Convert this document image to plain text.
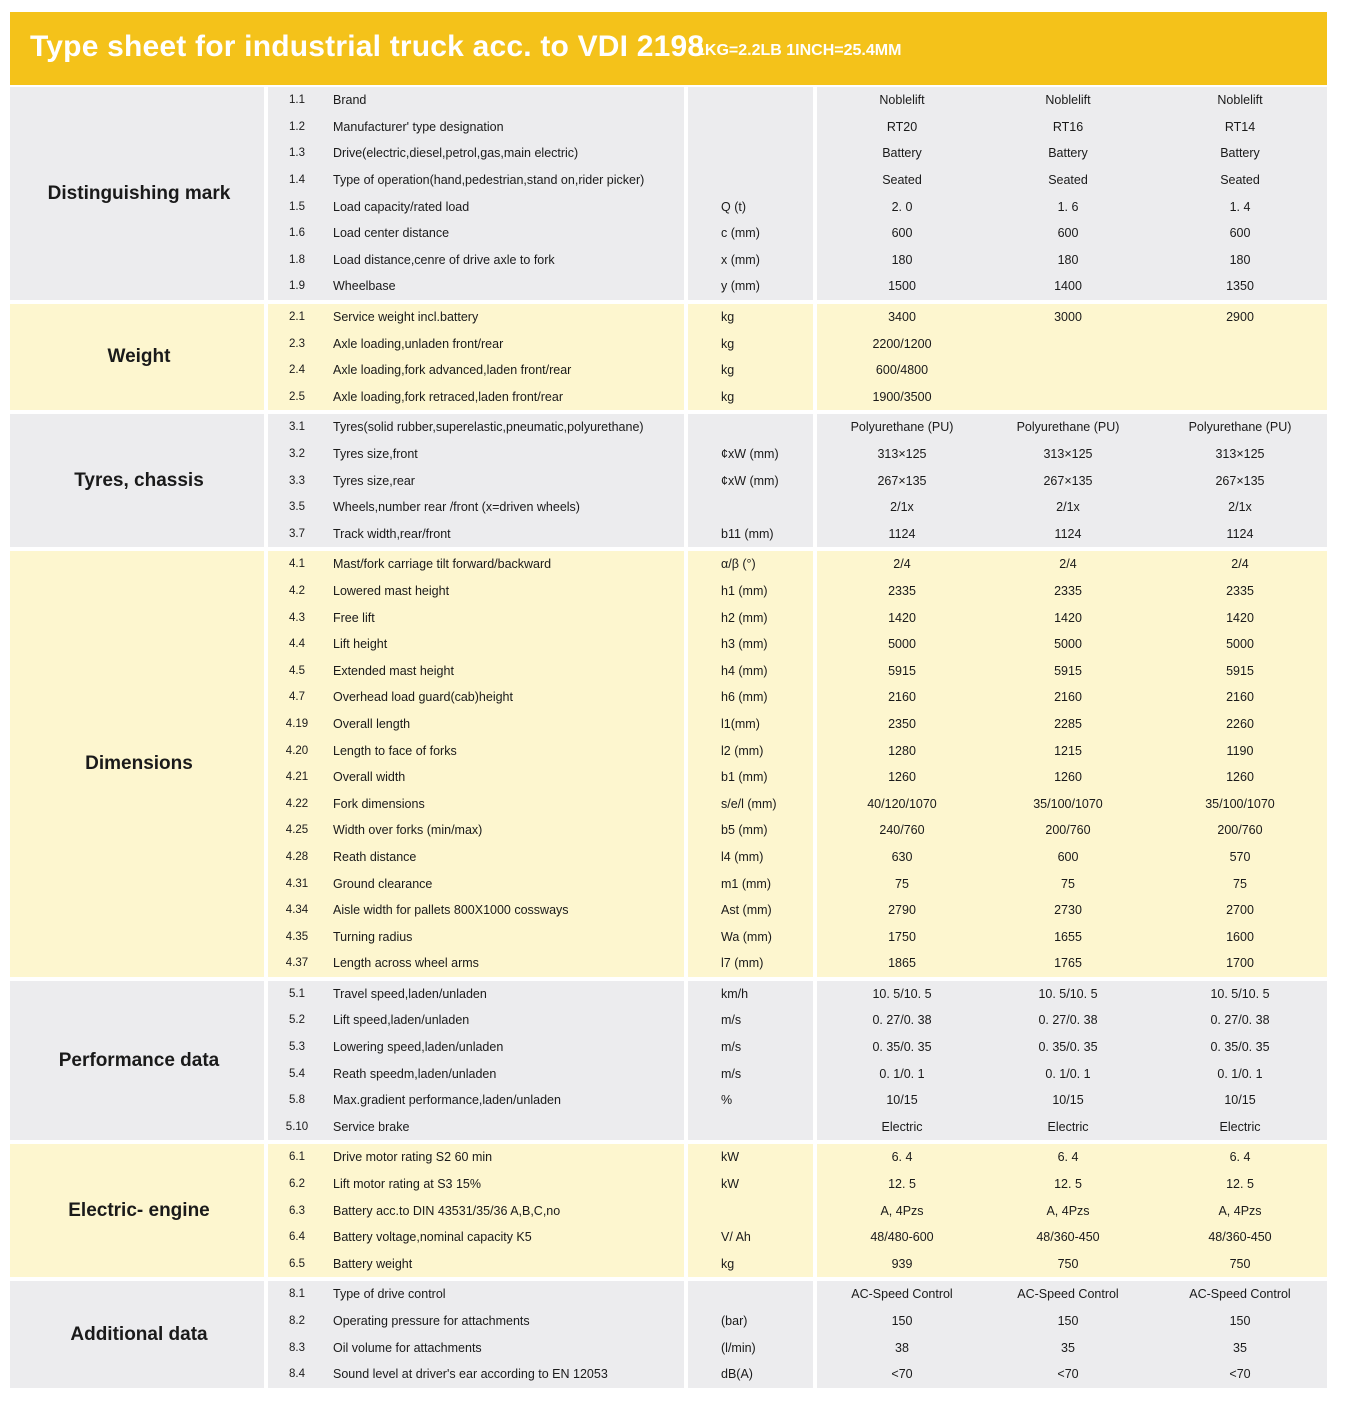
Type sheet for industrial truck acc. to VDI 2198
1KG=2.2LB 1INCH=25.4MM
Distinguishing mark
1.1	Brand	Noblelift	Noblelift	Noblelift
1.2	Manufacturer' type designation	RT20	RT16	RT14
1.3	Drive(electric,diesel,petrol,gas,main electric)	Battery	Battery	Battery
1.4	Type of operation(hand,pedestrian,stand on,rider picker)	Seated	Seated	Seated
1.5	Load capacity/rated load	Q (t)	2. 0	1. 6	1. 4
1.6	Load center distance	c (mm)	600	600	600
1.8	Load distance,cenre of drive axle to fork	x (mm)	180	180	180
1.9	Wheelbase	y (mm)	1500	1400	1350
Weight
2.1	Service weight incl.battery	kg	3400	3000	2900
2.3	Axle loading,unladen front/rear	kg	2200/1200
2.4	Axle loading,fork advanced,laden front/rear	kg	600/4800
2.5	Axle loading,fork retraced,laden front/rear	kg	1900/3500
Tyres, chassis
3.1	Tyres(solid rubber,superelastic,pneumatic,polyurethane)	Polyurethane (PU)	Polyurethane (PU)	Polyurethane (PU)
3.2	Tyres size,front	¢xW (mm)	313×125	313×125	313×125
3.3	Tyres size,rear	¢xW (mm)	267×135	267×135	267×135
3.5	Wheels,number rear /front (x=driven wheels)	2/1x	2/1x	2/1x
3.7	Track width,rear/front	b11 (mm)	1124	1124	1124
Dimensions
4.1	Mast/fork carriage tilt forward/backward	α/β (°)	2/4	2/4	2/4
4.2	Lowered mast height	h1 (mm)	2335	2335	2335
4.3	Free lift	h2 (mm)	1420	1420	1420
4.4	Lift height	h3 (mm)	5000	5000	5000
4.5	Extended mast height	h4 (mm)	5915	5915	5915
4.7	Overhead load guard(cab)height	h6 (mm)	2160	2160	2160
4.19	Overall length	l1(mm)	2350	2285	2260
4.20	Length to face of forks	l2 (mm)	1280	1215	1190
4.21	Overall width	b1 (mm)	1260	1260	1260
4.22	Fork dimensions	s/e/l (mm)	40/120/1070	35/100/1070	35/100/1070
4.25	Width over forks (min/max)	b5 (mm)	240/760	200/760	200/760
4.28	Reath distance	l4 (mm)	630	600	570
4.31	Ground clearance	m1 (mm)	75	75	75
4.34	Aisle width for pallets 800X1000 cossways	Ast (mm)	2790	2730	2700
4.35	Turning radius	Wa (mm)	1750	1655	1600
4.37	Length across wheel arms	l7 (mm)	1865	1765	1700
Performance data
5.1	Travel speed,laden/unladen	km/h	10. 5/10. 5	10. 5/10. 5	10. 5/10. 5
5.2	Lift speed,laden/unladen	m/s	0. 27/0. 38	0. 27/0. 38	0. 27/0. 38
5.3	Lowering speed,laden/unladen	m/s	0. 35/0. 35	0. 35/0. 35	0. 35/0. 35
5.4	Reath speedm,laden/unladen	m/s	0. 1/0. 1	0. 1/0. 1	0. 1/0. 1
5.8	Max.gradient performance,laden/unladen	%	10/15	10/15	10/15
5.10	Service brake	Electric	Electric	Electric
Electric- engine
6.1	Drive motor rating S2 60 min	kW	6. 4	6. 4	6. 4
6.2	Lift motor rating at S3 15%	kW	12. 5	12. 5	12. 5
6.3	Battery acc.to DIN 43531/35/36 A,B,C,no	A, 4Pzs	A, 4Pzs	A, 4Pzs
6.4	Battery voltage,nominal capacity K5	V/ Ah	48/480-600	48/360-450	48/360-450
6.5	Battery weight	kg	939	750	750
Additional data
8.1	Type of drive control	AC-Speed Control	AC-Speed Control	AC-Speed Control
8.2	Operating pressure for attachments	(bar)	150	150	150
8.3	Oil volume for attachments	(l/min)	38	35	35
8.4	Sound level at driver's ear according to EN 12053	dB(A)	<70	<70	<70
